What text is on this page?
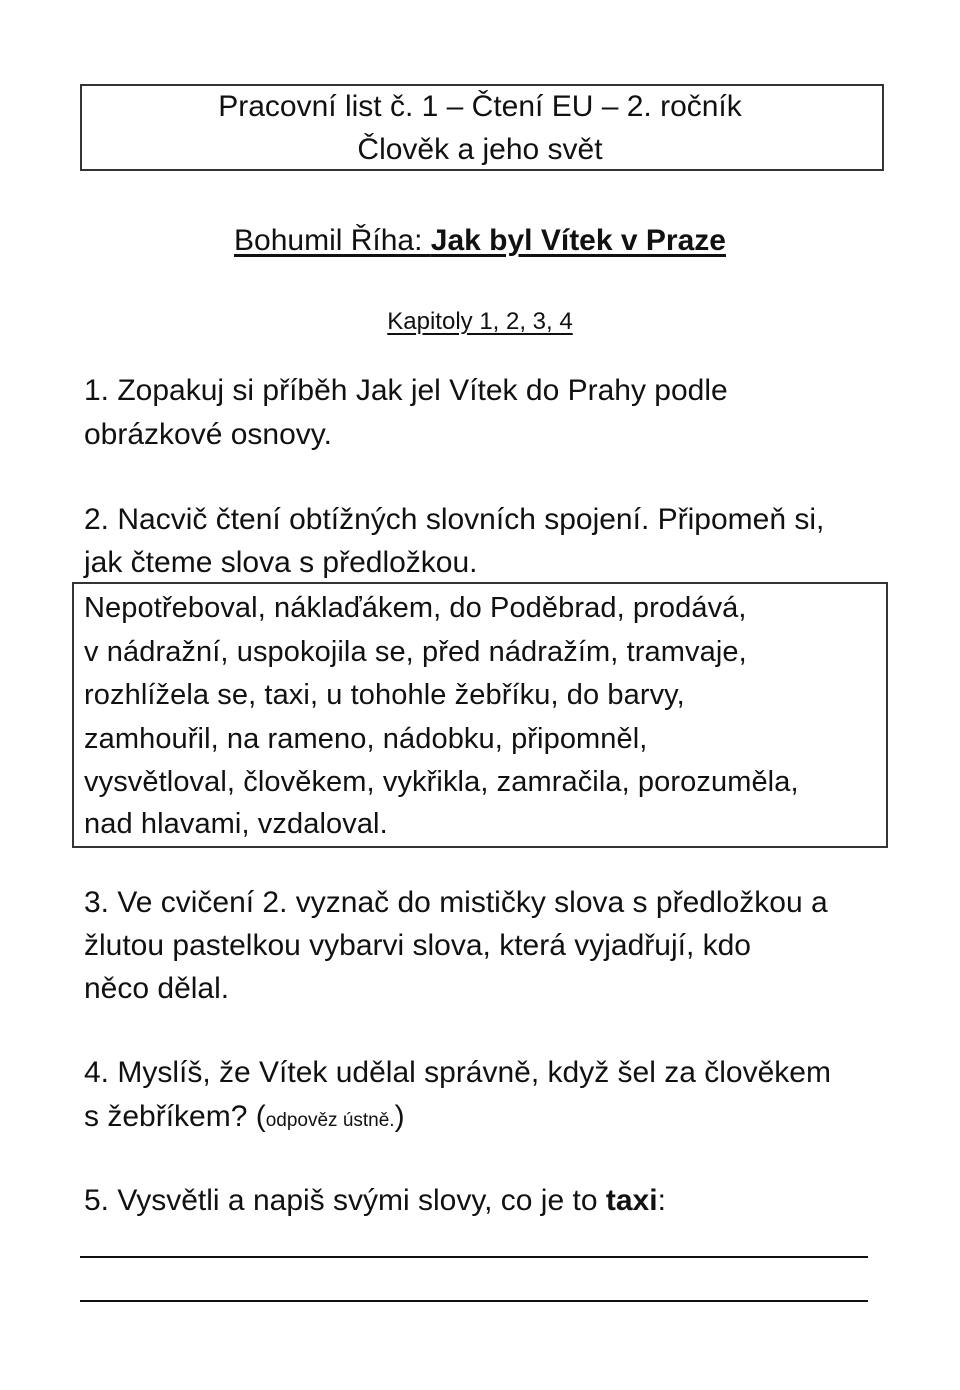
Pracovní list č. 1 – Čtení EU – 2. ročník
Člověk a jeho svět
Bohumil Říha: Jak byl Vítek v Praze
Kapitoly 1, 2, 3, 4
1. Zopakuj si příběh Jak jel Vítek do Prahy podle
obrázkové osnovy.
2. Nacvič čtení obtížných slovních spojení. Připomeň si,
jak čteme slova s předložkou.
Nepotřeboval, náklaďákem, do Poděbrad, prodává,
v nádražní, uspokojila se, před nádražím, tramvaje,
rozhlížela se, taxi, u tohohle žebříku, do barvy,
zamhouřil, na rameno, nádobku, připomněl,
vysvětloval, člověkem, vykřikla, zamračila, porozuměla,
nad hlavami, vzdaloval.
3. Ve cvičení 2. vyznač do mističky slova s předložkou a
žlutou pastelkou vybarvi slova, která vyjadřují, kdo
něco dělal.
4. Myslíš, že Vítek udělal správně, když šel za člověkem
s žebříkem? (odpověz ústně.)
5. Vysvětli a napiš svými slovy, co je to taxi:
